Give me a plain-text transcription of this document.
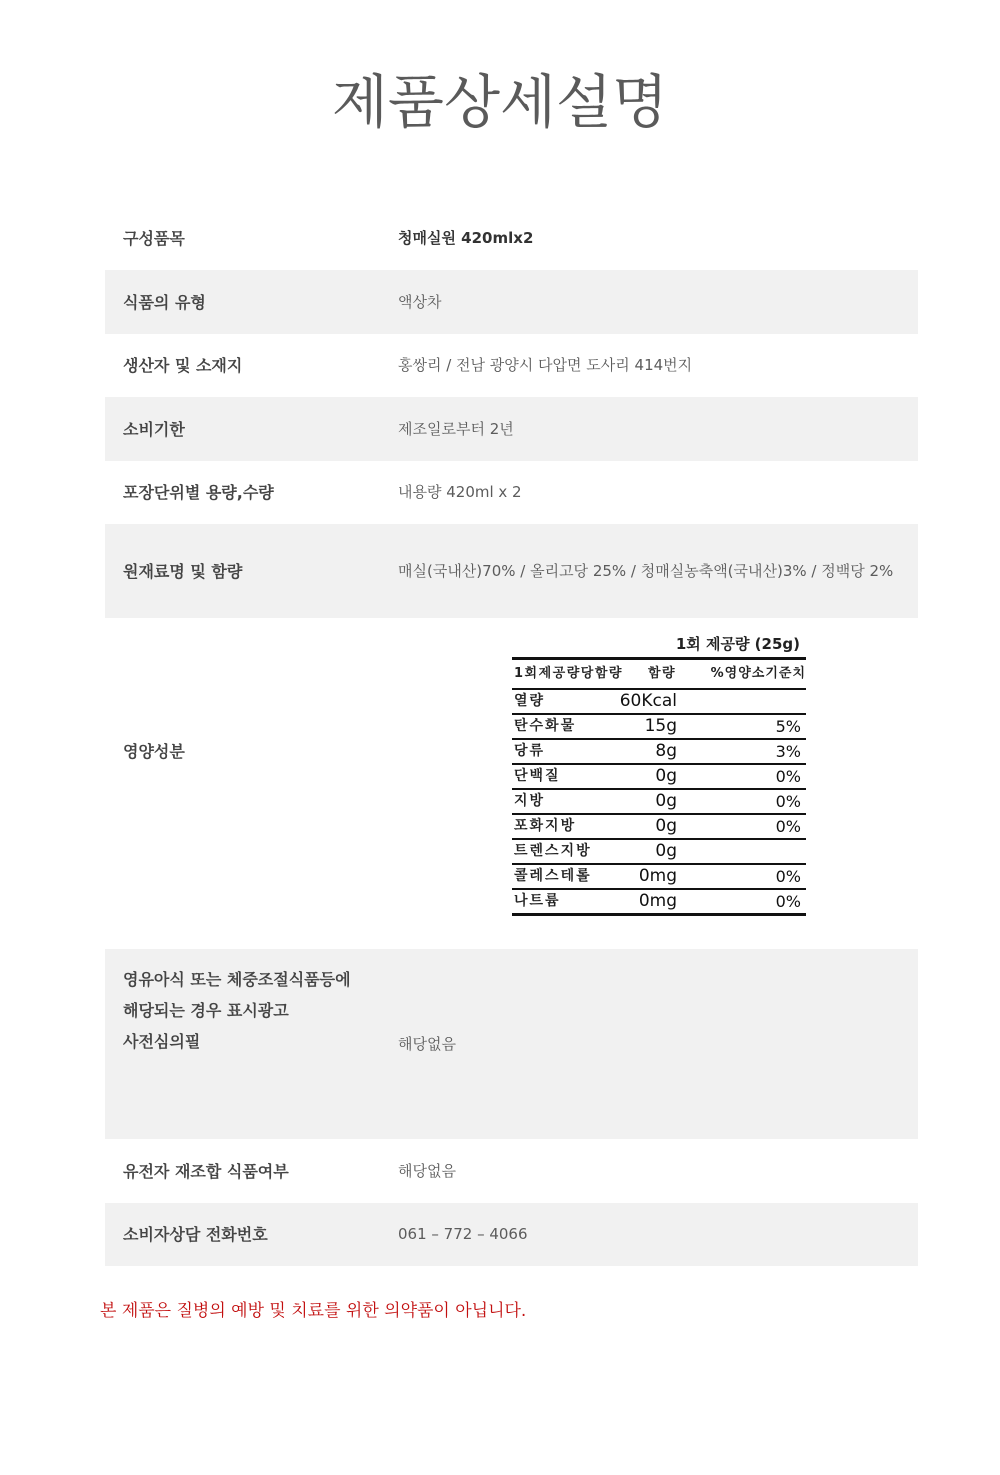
제품상세설명
구성품목	청매실원 420mlx2
식품의 유형	액상차
생산자 및 소재지	홍쌍리 / 전남 광양시 다압면 도사리 414번지
소비기한	제조일로부터 2년
포장단위별 용량,수량	내용량 420ml x 2
원재료명 및 함량	매실(국내산)70% / 올리고당 25% / 청매실농축액(국내산)3% / 정백당 2%
영양성분
1회 제공량 (25g)
1회제공량당함량	함량	%영양소기준치
열량	60Kcal
탄수화물	15g	5%
당류	8g	3%
단백질	0g	0%
지방	0g	0%
포화지방	0g	0%
트렌스지방	0g
콜레스테롤	0mg	0%
나트륨	0mg	0%
영유아식 또는 체중조절식품등에
해당되는 경우 표시광고
사전심의필	해당없음
유전자 재조합 식품여부	해당없음
소비자상담 전화번호	061 – 772 – 4066
본 제품은 질병의 예방 및 치료를 위한 의약품이 아닙니다.
